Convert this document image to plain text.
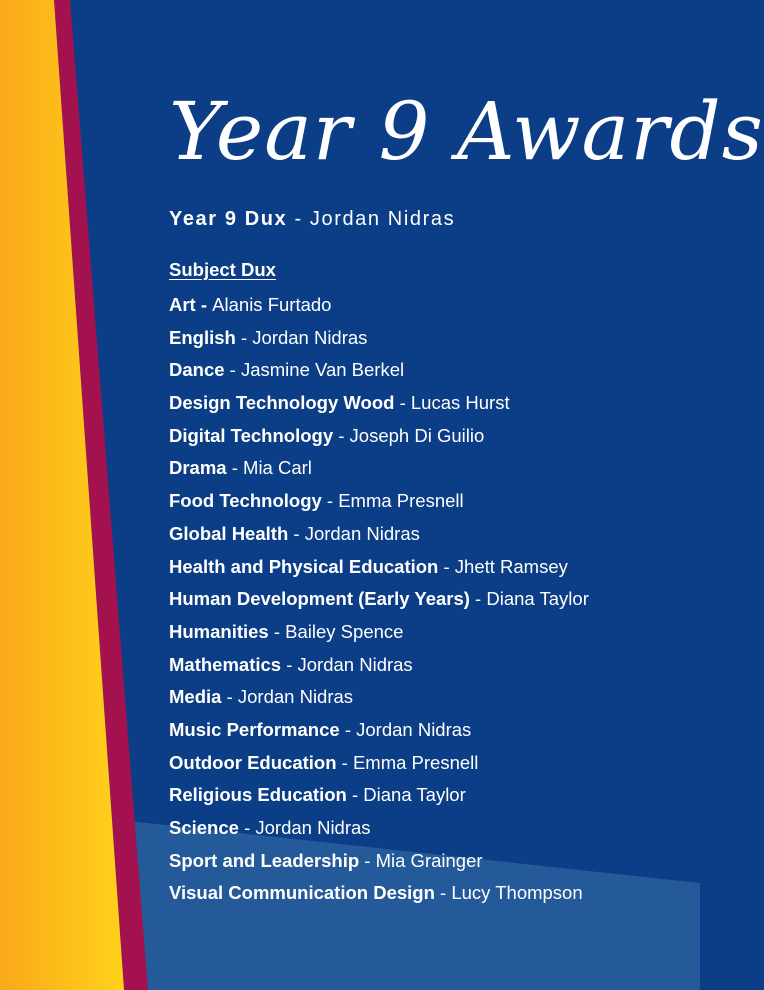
Year 9 Awards
Year 9 Dux - Jordan Nidras
Subject Dux
Art - Alanis Furtado
English - Jordan Nidras
Dance - Jasmine Van Berkel
Design Technology Wood - Lucas Hurst
Digital Technology - Joseph Di Guilio
Drama - Mia Carl
Food Technology - Emma Presnell
Global Health - Jordan Nidras
Health and Physical Education - Jhett Ramsey
Human Development (Early Years) - Diana Taylor
Humanities - Bailey Spence
Mathematics - Jordan Nidras
Media - Jordan Nidras
Music Performance - Jordan Nidras
Outdoor Education - Emma Presnell
Religious Education - Diana Taylor
Science - Jordan Nidras
Sport and Leadership - Mia Grainger
Visual Communication Design - Lucy Thompson
